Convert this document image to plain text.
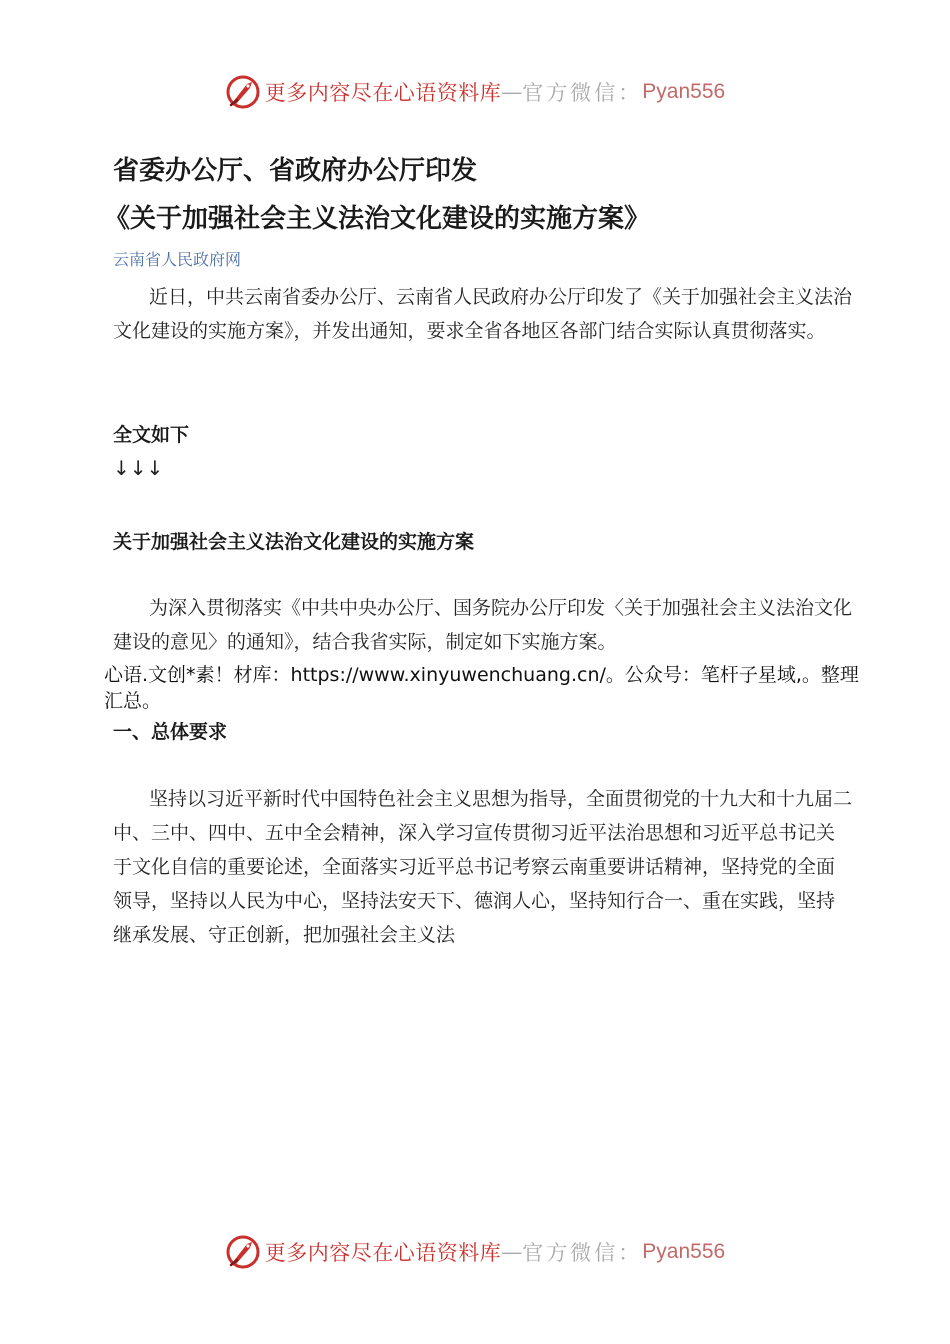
更多内容尽在心语资料库 — 官方微信： Pyan556
省委办公厅、省政府办公厅印发
《关于加强社会主义法治文化建设的实施方案》
云南省人民政府网

近日，中共云南省委办公厅、云南省人民政府办公厅印发了《关于加强社会主义法治文化建设的实施方案》，并发出通知，要求全省各地区各部门结合实际认真贯彻落实。

全文如下
↓↓↓
关于加强社会主义法治文化建设的实施方案

为深入贯彻落实《中共中央办公厅、国务院办公厅印发〈关于加强社会主义法治文化建设的意见〉的通知》，结合我省实际，制定如下实施方案。

心语.文创*素！材库：https://www.xinyuwenchuang.cn/。公众号：笔杆子星域,。整理汇总。

一、总体要求

坚持以习近平新时代中国特色社会主义思想为指导，全面贯彻党的十九大和十九届二中、三中、四中、五中全会精神，深入学习宣传贯彻习近平法治思想和习近平总书记关于文化自信的重要论述，全面落实习近平总书记考察云南重要讲话精神，坚持党的全面领导，坚持以人民为中心，坚持法安天下、德润人心，坚持知行合一、重在实践，坚持继承发展、守正创新，把加强社会主义法

更多内容尽在心语资料库 — 官方微信： Pyan556
